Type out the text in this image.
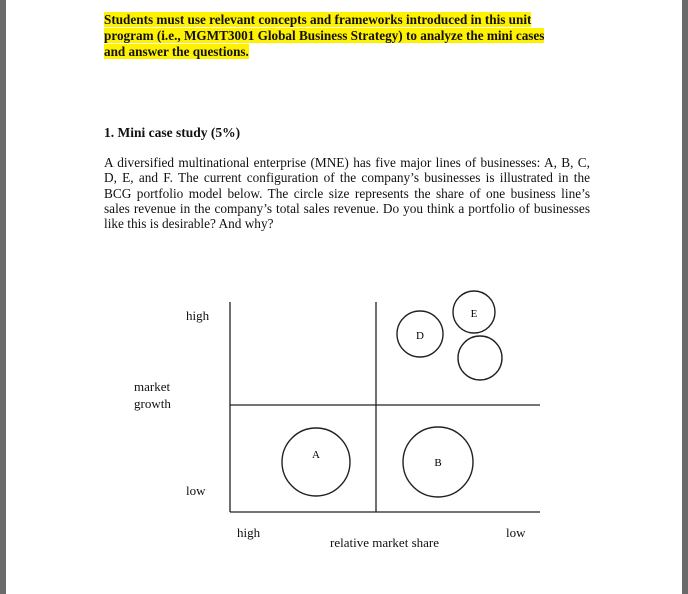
Students must use relevant concepts and frameworks introduced in this unit
program (i.e., MGMT3001 Global Business Strategy) to analyze the mini cases
and answer the questions.
1. Mini case study (5%)
A diversified multinational enterprise (MNE) has five major lines of businesses: A, B, C, D, E, and F. The current configuration of the company’s businesses is illustrated in the BCG portfolio model below. The circle size represents the share of one business line’s sales revenue in the company’s total sales revenue. Do you think a portfolio of businesses like this is desirable? And why?
D
E
A
B
high
low
market
growth
high	low
relative market share
